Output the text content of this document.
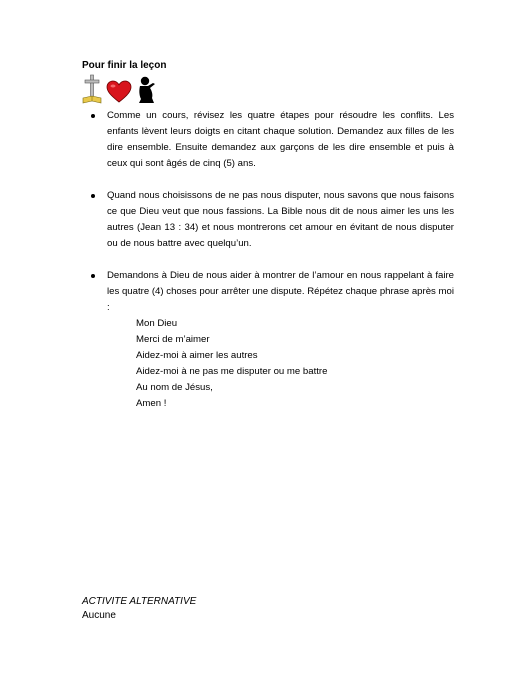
Pour finir la leçon
Comme un cours, révisez les quatre étapes pour résoudre les conflits. Les enfants lèvent leurs doigts en citant chaque solution. Demandez aux filles de les dire ensemble. Ensuite demandez aux garçons de les dire ensemble et puis à ceux qui sont âgés de cinq (5) ans.
Quand nous choisissons de ne pas nous disputer, nous savons que nous faisons ce que Dieu veut que nous fassions. La Bible nous dit de nous aimer les uns les autres (Jean 13 : 34) et nous montrerons cet amour en évitant de nous disputer ou de nous battre avec quelqu’un.
Demandons à Dieu de nous aider à montrer de l’amour en nous rappelant à faire les quatre (4) choses pour arrêter une dispute. Répétez chaque phrase après moi :
Mon Dieu
Merci de m’aimer
Aidez-moi à aimer les autres
Aidez-moi à ne pas me disputer ou me battre
Au nom de Jésus,
Amen !
ACTIVITE ALTERNATIVE
Aucune
